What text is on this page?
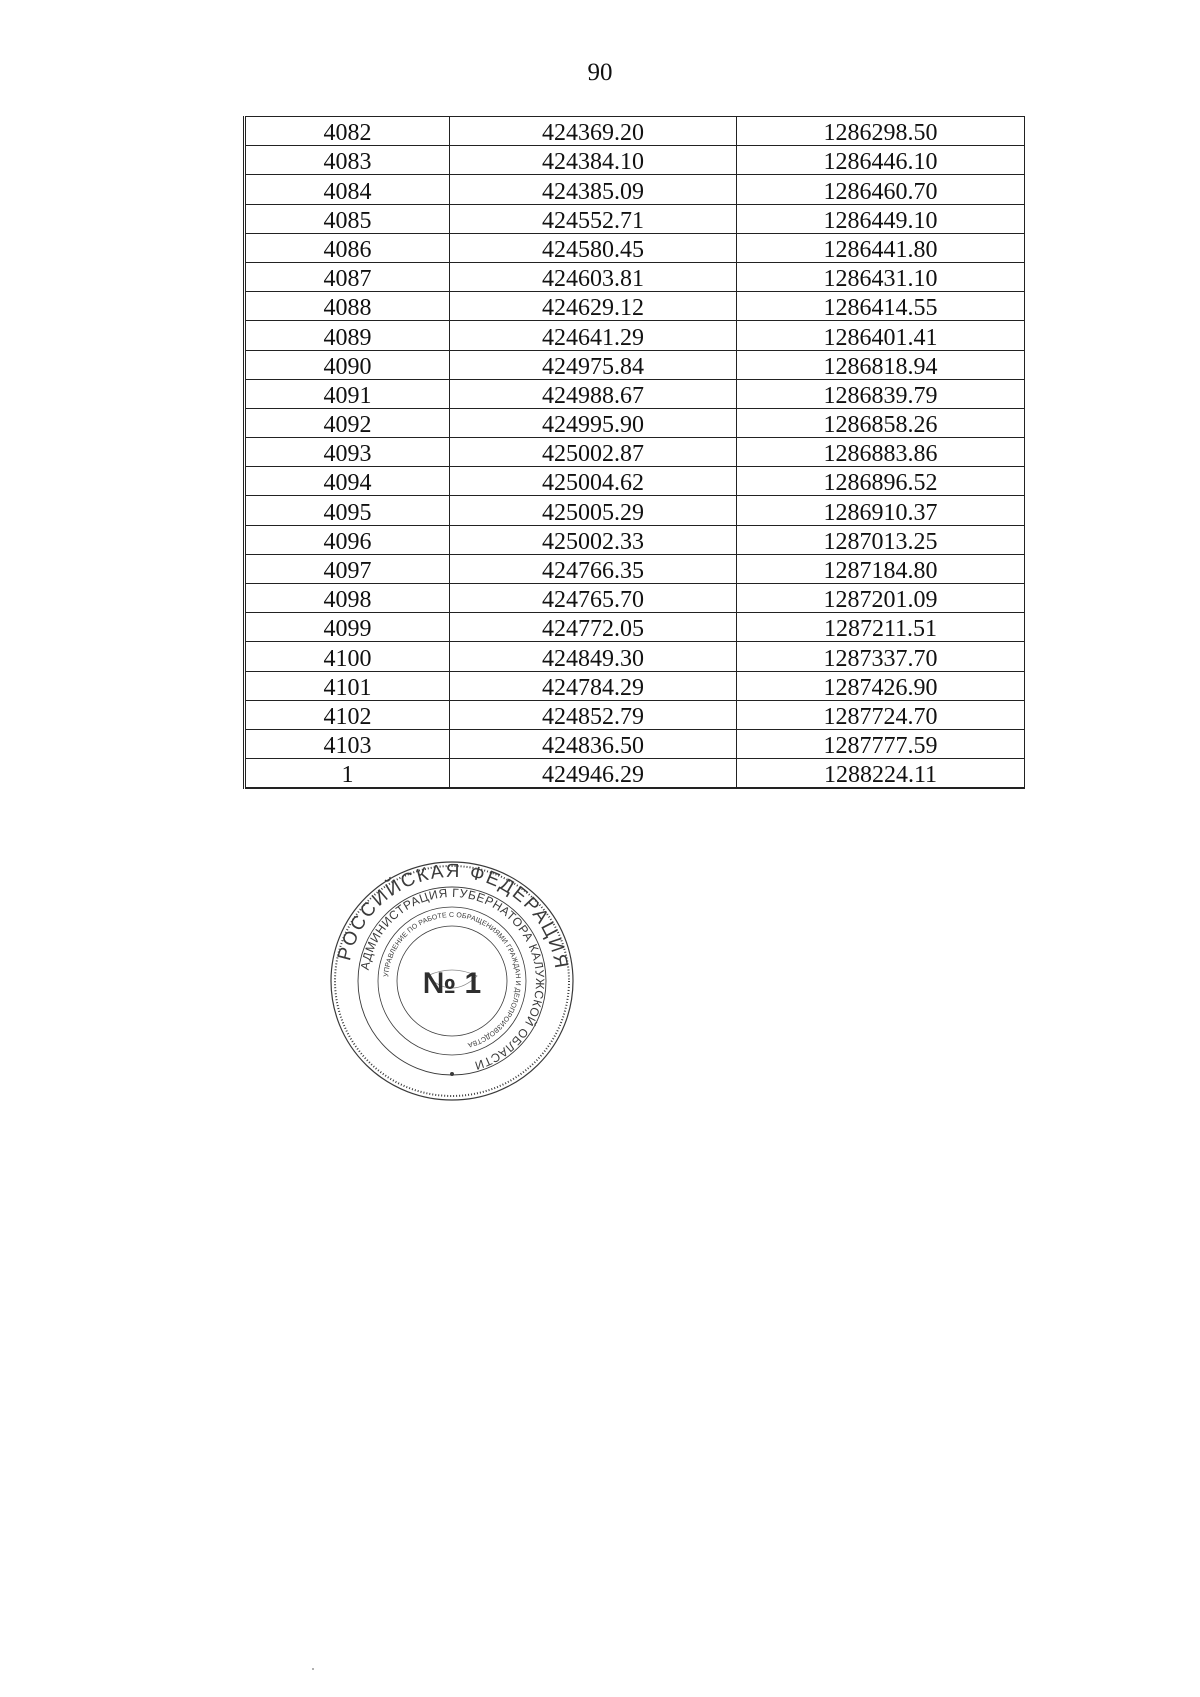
90
4082	424369.20	1286298.50
4083	424384.10	1286446.10
4084	424385.09	1286460.70
4085	424552.71	1286449.10
4086	424580.45	1286441.80
4087	424603.81	1286431.10
4088	424629.12	1286414.55
4089	424641.29	1286401.41
4090	424975.84	1286818.94
4091	424988.67	1286839.79
4092	424995.90	1286858.26
4093	425002.87	1286883.86
4094	425004.62	1286896.52
4095	425005.29	1286910.37
4096	425002.33	1287013.25
4097	424766.35	1287184.80
4098	424765.70	1287201.09
4099	424772.05	1287211.51
4100	424849.30	1287337.70
4101	424784.29	1287426.90
4102	424852.79	1287724.70
4103	424836.50	1287777.59
1	424946.29	1288224.11
РОССИЙСКАЯ ФЕДЕРАЦИЯ
АДМИНИСТРАЦИЯ ГУБЕРНАТОРА КАЛУЖСКОЙ ОБЛАСТИ
УПРАВЛЕНИЕ ПО РАБОТЕ С ОБРАЩЕНИЯМИ ГРАЖДАН И ДЕЛОПРОИЗВОДСТВА
№ 1
